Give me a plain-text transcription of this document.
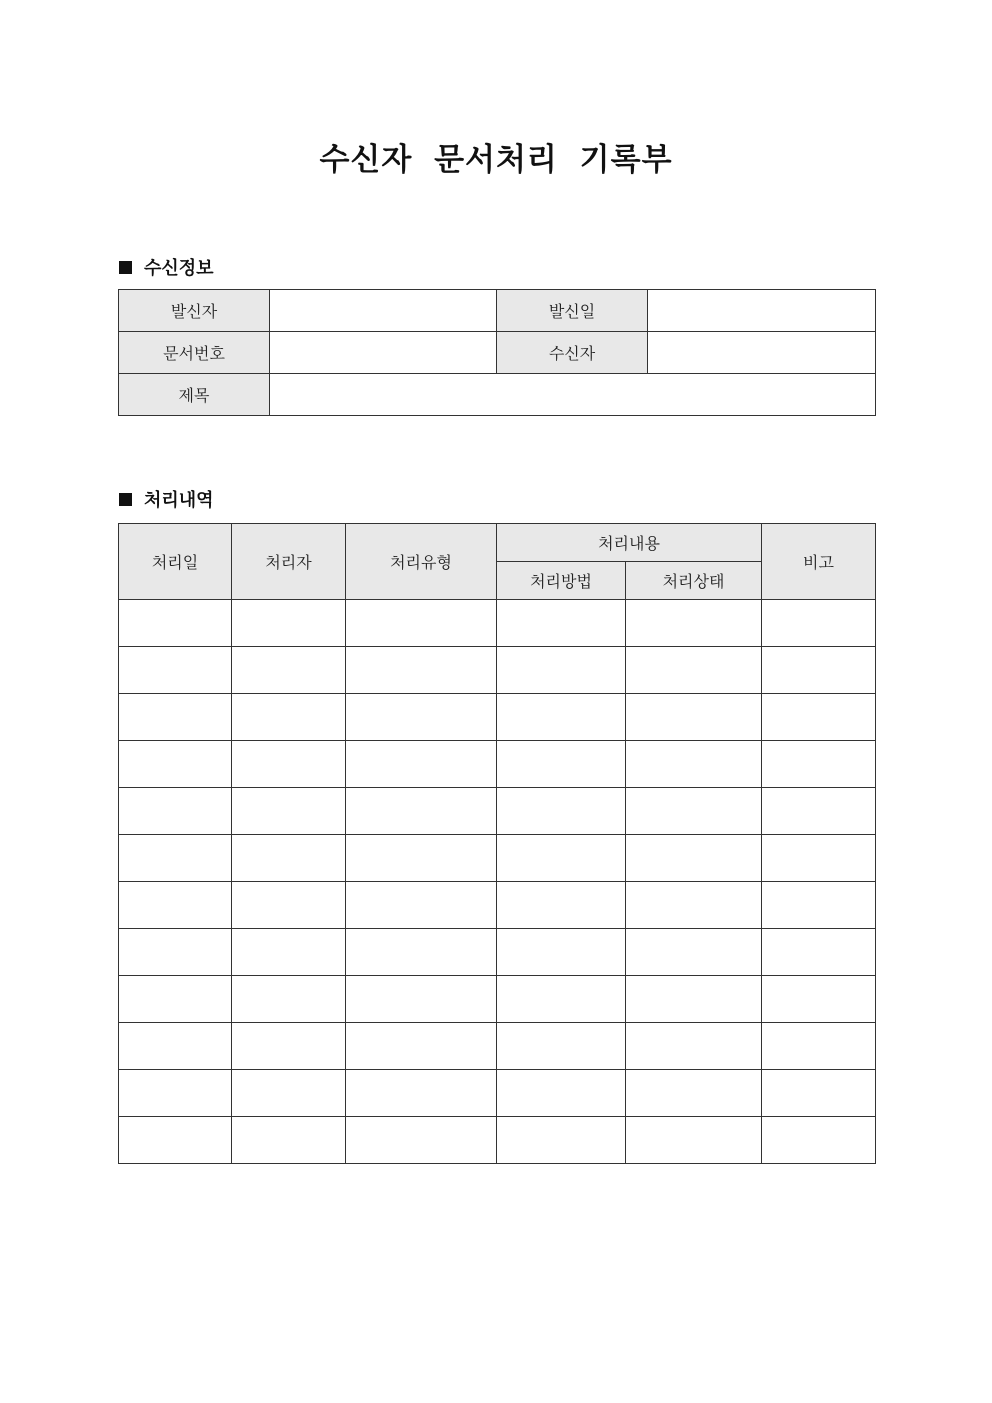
수신자 문서처리 기록부
수신정보
발신자		발신일	
문서번호		수신자	
제목			
처리내역
처리일	처리자	처리유형	처리내용		비고
			처리방법	처리상태	
